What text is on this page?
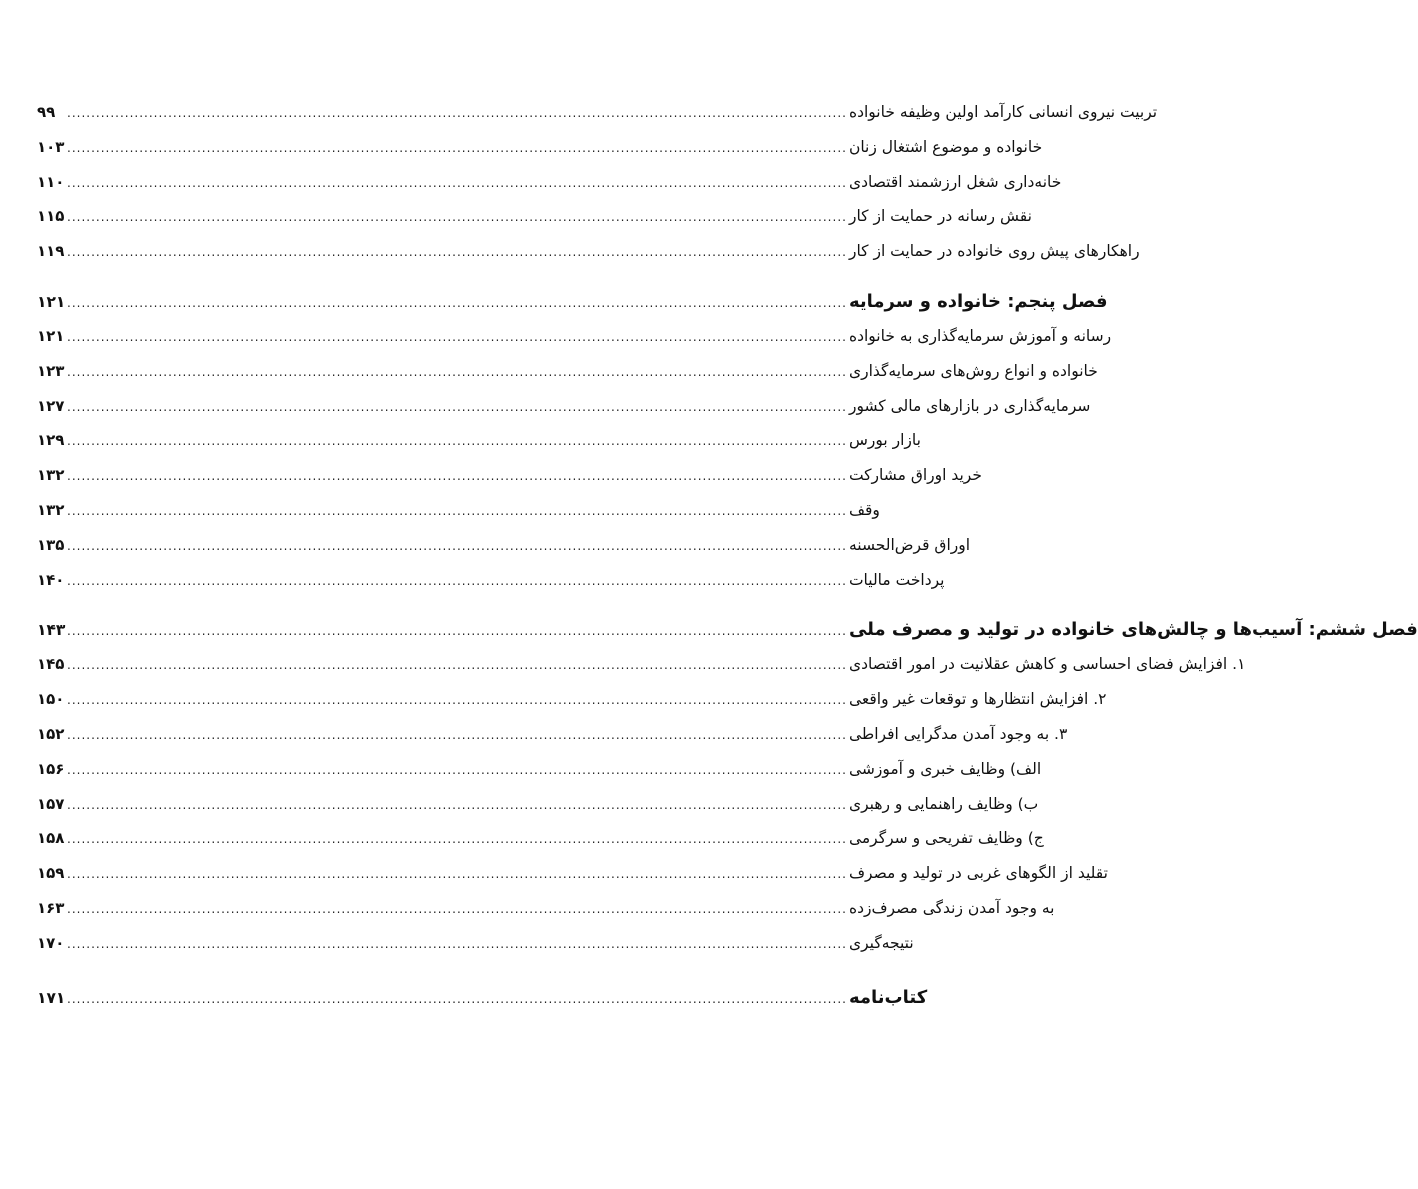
۹۹ .................................................................................................................................................................. تربیت نیروی انسانی کارآمد اولین وظیفه خانواده
۱۰۳ .................................................................................................................................................................. خانواده و موضوع اشتغال زنان
۱۱۰ .................................................................................................................................................................. خانه‌داری شغل ارزشمند اقتصادی
۱۱۵ .................................................................................................................................................................. نقش رسانه در حمایت از کار
۱۱۹ .................................................................................................................................................................. راهکارهای پیش روی خانواده در حمایت از کار
۱۲۱ .................................................................................................................................................................. فصل پنجم: خانواده و سرمایه
۱۲۱ .................................................................................................................................................................. رسانه و آموزش سرمایه‌گذاری به خانواده
۱۲۳ .................................................................................................................................................................. خانواده و انواع روش‌های سرمایه‌گذاری
۱۲۷ .................................................................................................................................................................. سرمایه‌گذاری در بازارهای مالی کشور
۱۲۹ .................................................................................................................................................................. بازار بورس
۱۳۲ .................................................................................................................................................................. خرید اوراق مشارکت
۱۳۲ .................................................................................................................................................................. وقف
۱۳۵ .................................................................................................................................................................. اوراق قرض‌الحسنه
۱۴۰ .................................................................................................................................................................. پرداخت مالیات
۱۴۳ .................................................................................................................................................................. فصل ششم: آسیب‌ها و چالش‌های خانواده در تولید و مصرف ملی
۱۴۵ .................................................................................................................................................................. ۱. افزایش فضای احساسی و کاهش عقلانیت در امور اقتصادی
۱۵۰ .................................................................................................................................................................. ۲. افزایش انتظارها و توقعات غیر واقعی
۱۵۲ .................................................................................................................................................................. ۳. به وجود آمدن مدگرایی افراطی
۱۵۶ .................................................................................................................................................................. الف) وظایف خبری و آموزشی
۱۵۷ .................................................................................................................................................................. ب) وظایف راهنمایی و رهبری
۱۵۸ .................................................................................................................................................................. ج) وظایف تفریحی و سرگرمی
۱۵۹ .................................................................................................................................................................. تقلید از الگوهای غربی در تولید و مصرف
۱۶۳ .................................................................................................................................................................. به وجود آمدن زندگی مصرف‌زده
۱۷۰ .................................................................................................................................................................. نتیجه‌گیری
۱۷۱ .................................................................................................................................................................. کتاب‌نامه
